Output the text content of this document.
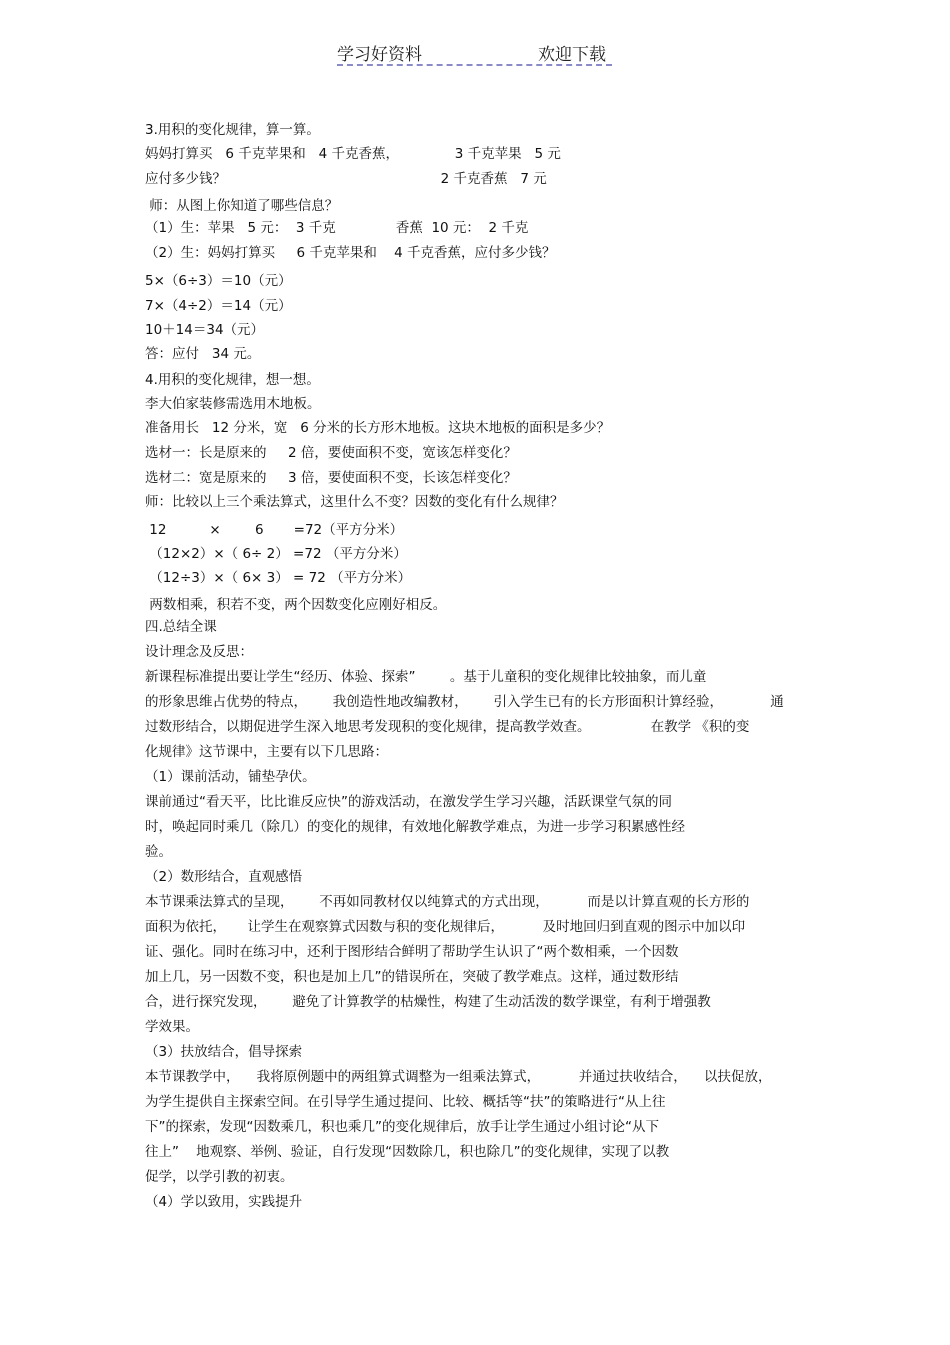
学习好资料	欢迎下载
3.用积的变化规律，算一算。
妈妈打算买   6 千克苹果和   4 千克香蕉，             3 千克苹果   5 元
应付多少钱？                                                  2 千克香蕉   7 元
师：从图上你知道了哪些信息？
（1）生：苹果   5 元：  3 千克              香蕉  10 元：  2 千克
（2）生：妈妈打算买     6 千克苹果和    4 千克香蕉，应付多少钱？
5×（6÷3）＝10（元）
7×（4÷2）＝14（元）
10＋14＝34（元）
答：应付   34 元。
4.用积的变化规律，想一想。
李大伯家装修需选用木地板。
准备用长   12 分米，宽   6 分米的长方形木地板。这块木地板的面积是多少？
选材一：长是原来的     2 倍，要使面积不变，宽该怎样变化？
选材二：宽是原来的     3 倍，要使面积不变，长该怎样变化？
师：比较以上三个乘法算式，这里什么不变？因数的变化有什么规律？
12          ×        6       =72（平方分米）
（12×2）×（ 6÷ 2） =72 （平方分米）
（12÷3）×（ 6× 3） = 72 （平方分米）
两数相乘，积若不变，两个因数变化应刚好相反。
四.总结全课
设计理念及反思：
新课程标准提出要让学生“经历、体验、探索”        。基于儿童积的变化规律比较抽象，而儿童
的形象思维占优势的特点，      我创造性地改编教材，      引入学生已有的长方形面积计算经验，           通
过数形结合，以期促进学生深入地思考发现积的变化规律，提高教学效查。              在教学 《积的变
化规律》这节课中，主要有以下几思路：
（1）课前活动，铺垫孕伏。
课前通过“看天平，比比谁反应快”的游戏活动，在激发学生学习兴趣，活跃课堂气氛的同
时，唤起同时乘几（除几）的变化的规律，有效地化解教学难点，为进一步学习积累感性经
验。
（2）数形结合，直观感悟
本节课乘法算式的呈现，      不再如同教材仅以纯算式的方式出现，         而是以计算直观的长方形的
面积为依托，     让学生在观察算式因数与积的变化规律后，         及时地回归到直观的图示中加以印
证、强化。同时在练习中，还利于图形结合鲜明了帮助学生认识了“两个数相乘，一个因数
加上几，另一因数不变，积也是加上几”的错误所在，突破了教学难点。这样，通过数形结
合，进行探究发现，      避免了计算教学的枯燥性，构建了生动活泼的数学课堂，有利于增强教
学效果。
（3）扶放结合，倡导探索
本节课教学中，    我将原例题中的两组算式调整为一组乘法算式，         并通过扶收结合，    以扶促放，
为学生提供自主探索空间。在引导学生通过提问、比较、概括等“扶”的策略进行“从上往
下”的探索，发现“因数乘几，积也乘几”的变化规律后，放手让学生通过小组讨论“从下
往上”    地观察、举例、验证，自行发现“因数除几，积也除几”的变化规律，实现了以教
促学，以学引教的初衷。
（4）学以致用，实践提升
